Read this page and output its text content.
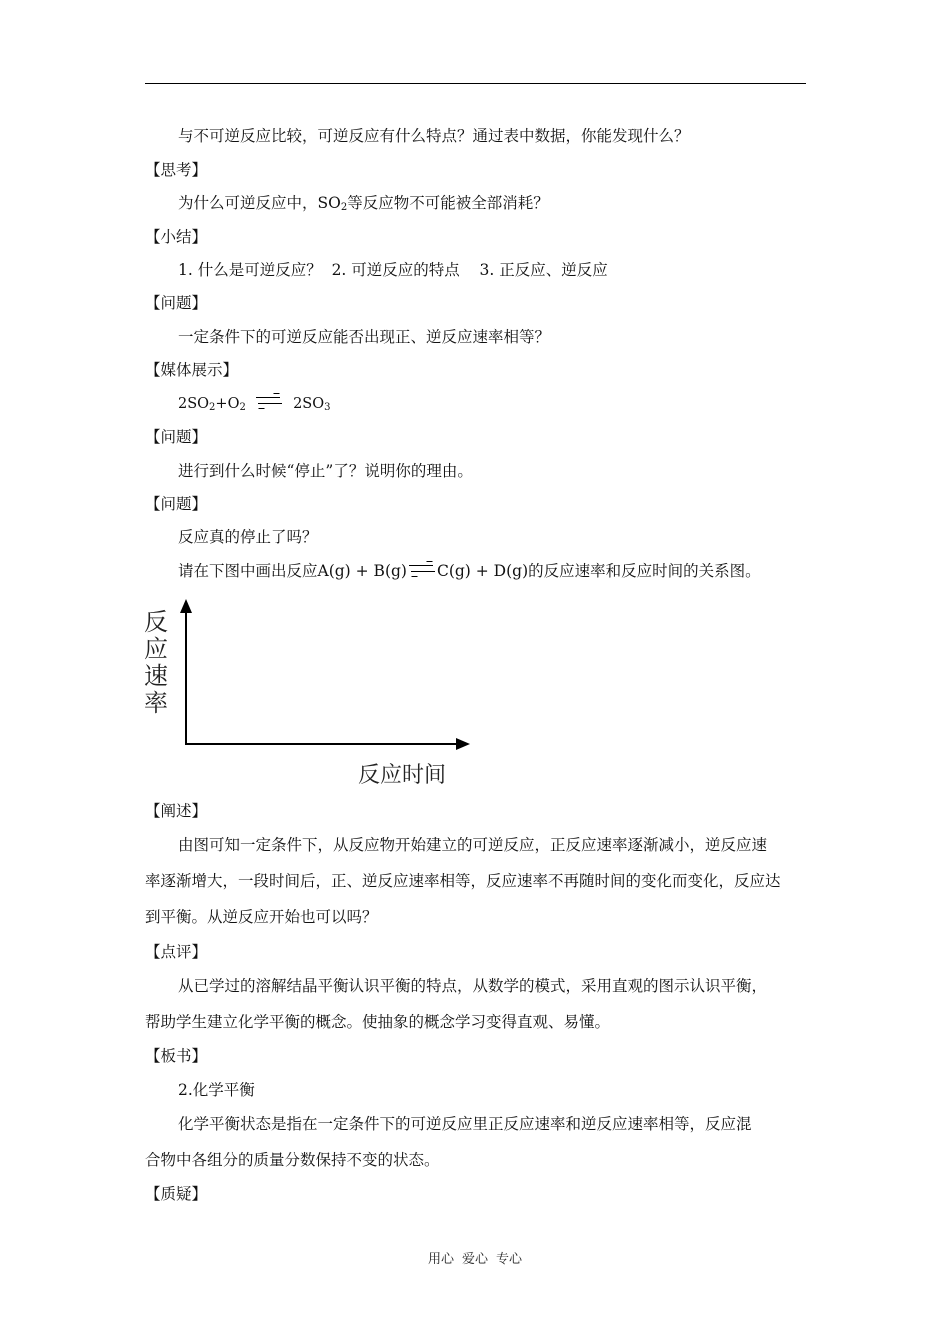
与不可逆反应比较，可逆反应有什么特点？通过表中数据，你能发现什么？
【思考】
为什么可逆反应中，$SO_2$等反应物不可能被全部消耗？
【小结】
1. 什么是可逆反应？  2. 可逆反应的特点    3. 正反应、逆反应
【问题】
一定条件下的可逆反应能否出现正、逆反应速率相等？
【媒体展示】
$2SO_2+O_2$	$2SO_3$
【问题】
进行到什么时候“停止”了？说明你的理由。
【问题】
反应真的停止了吗？
请在下图中画出反应A(g) + B(g) C(g) + D(g)的反应速率和反应时间的关系图。
反应速率
反应时间
【阐述】
由图可知一定条件下，从反应物开始建立的可逆反应，正反应速率逐渐减小，逆反应速
率逐渐增大，一段时间后，正、逆反应速率相等，反应速率不再随时间的变化而变化，反应达
到平衡。从逆反应开始也可以吗？
【点评】
从已学过的溶解结晶平衡认识平衡的特点，从数学的模式，采用直观的图示认识平衡，
帮助学生建立化学平衡的概念。使抽象的概念学习变得直观、易懂。
【板书】
2.化学平衡
化学平衡状态是指在一定条件下的可逆反应里正反应速率和逆反应速率相等，反应混
合物中各组分的质量分数保持不变的状态。
【质疑】
用心 爱心 专心
